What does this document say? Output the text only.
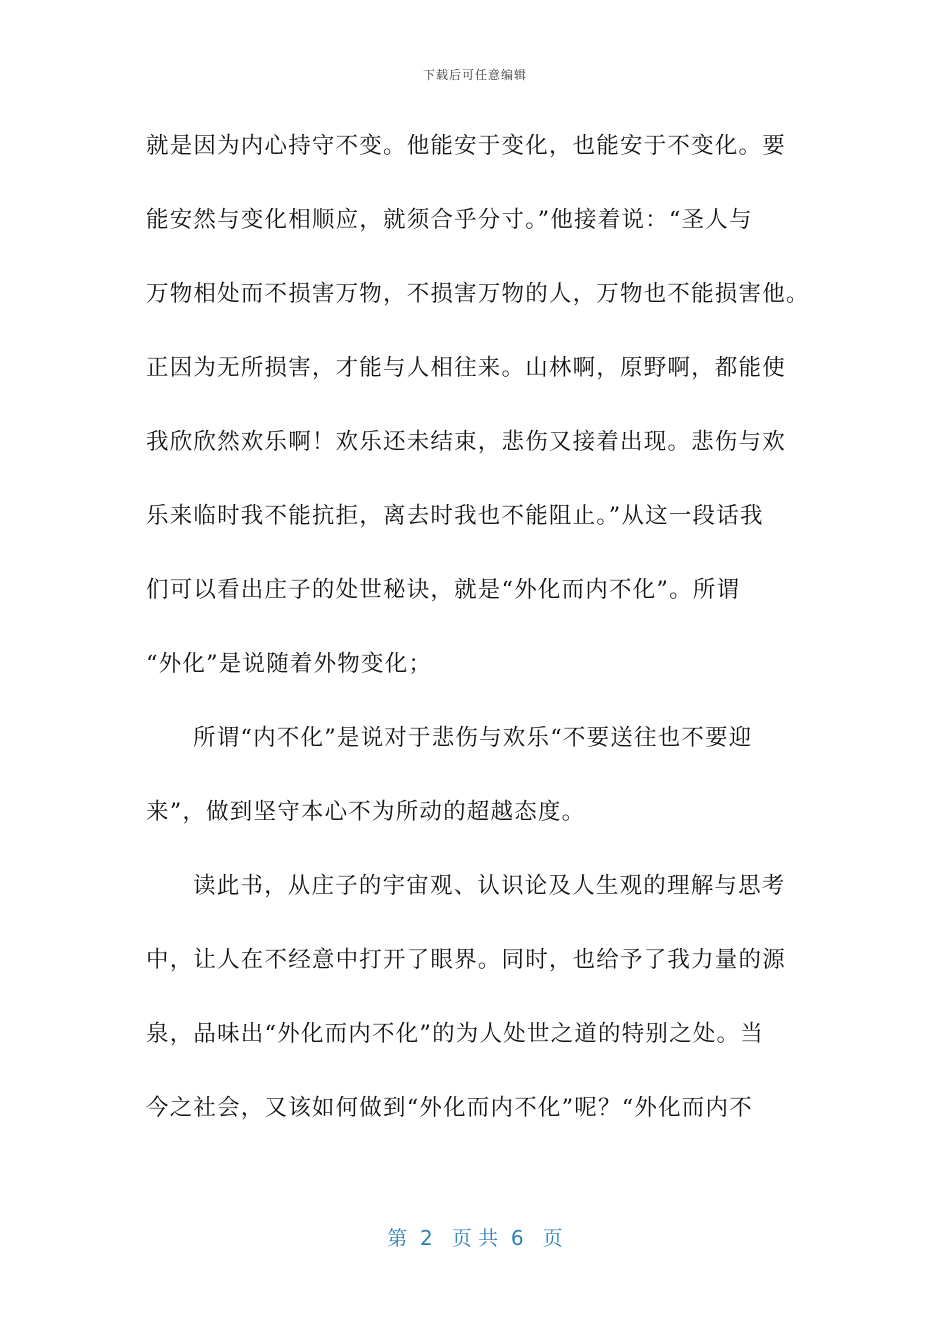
下载后可任意编辑
就是因为内心持守不变。他能安于变化，也能安于不变化。要
能安然与变化相顺应，就须合乎分寸。”他接着说：“圣人与
万物相处而不损害万物，不损害万物的人，万物也不能损害他。
正因为无所损害，才能与人相往来。山林啊，原野啊，都能使
我欣欣然欢乐啊！欢乐还未结束，悲伤又接着出现。悲伤与欢
乐来临时我不能抗拒，离去时我也不能阻止。”从这一段话我
们可以看出庄子的处世秘诀，就是“外化而内不化”。所谓
“外化”是说随着外物变化；
所谓“内不化”是说对于悲伤与欢乐“不要送往也不要迎
来”，做到坚守本心不为所动的超越态度。
读此书，从庄子的宇宙观、认识论及人生观的理解与思考
中，让人在不经意中打开了眼界。同时，也给予了我力量的源
泉，品味出“外化而内不化”的为人处世之道的特别之处。当
今之社会，又该如何做到“外化而内不化”呢？“外化而内不
第  2   页 共  6   页
